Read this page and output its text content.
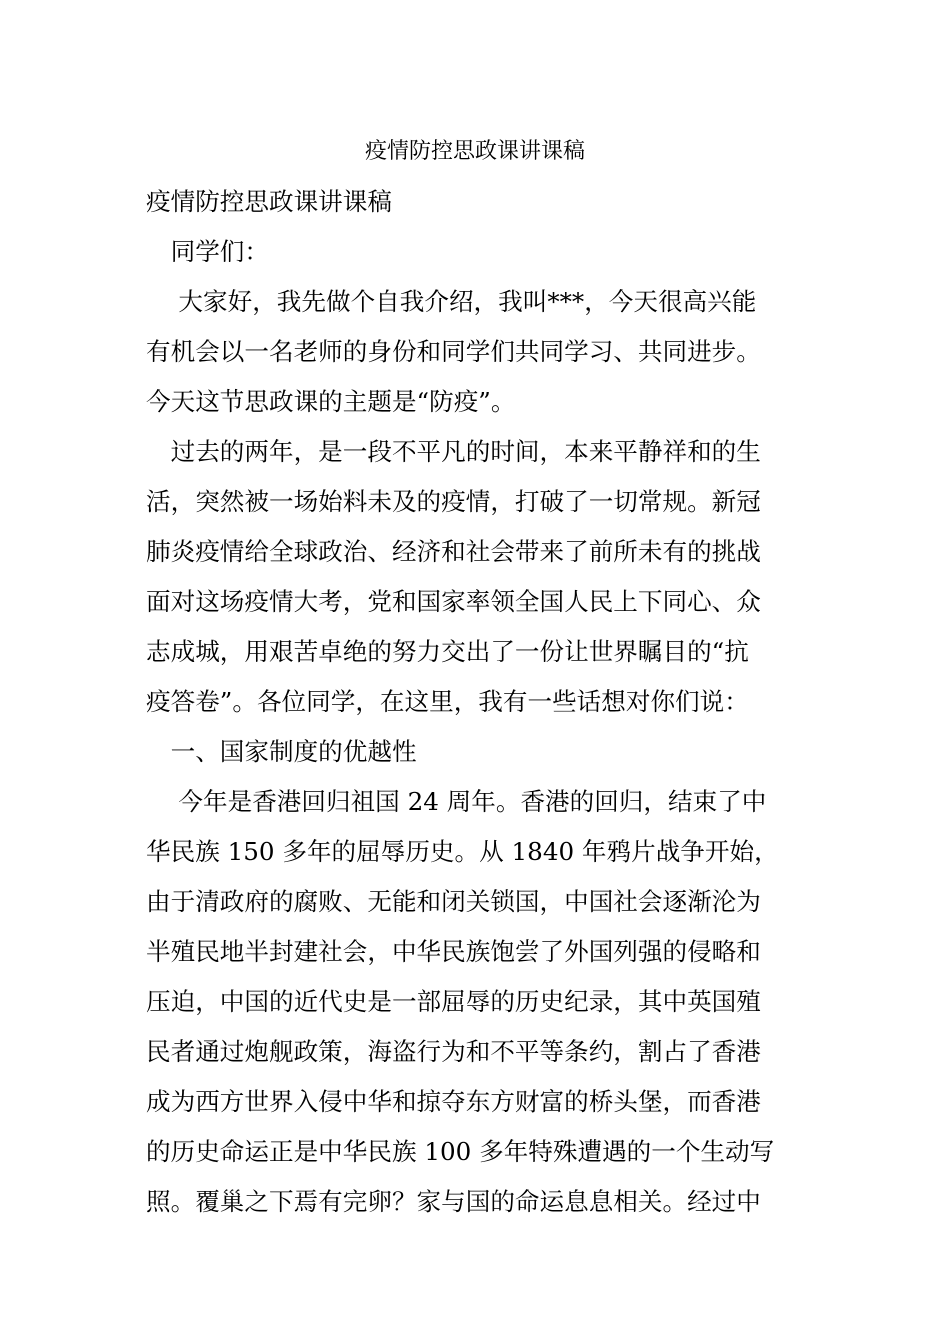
疫情防控思政课讲课稿
疫情防控思政课讲课稿
　同学们：
　 大家好，我先做个自我介绍，我叫***，今天很高兴能
有机会以一名老师的身份和同学们共同学习、共同进步。
今天这节思政课的主题是“防疫”。
　过去的两年，是一段不平凡的时间，本来平静祥和的生
活，突然被一场始料未及的疫情，打破了一切常规。新冠
肺炎疫情给全球政治、经济和社会带来了前所未有的挑战
面对这场疫情大考，党和国家率领全国人民上下同心、众
志成城，用艰苦卓绝的努力交出了一份让世界瞩目的“抗
疫答卷”。各位同学，在这里，我有一些话想对你们说：
　一、国家制度的优越性
　 今年是香港回归祖国 24 周年。香港的回归，结束了中
华民族 150 多年的屈辱历史。从 1840 年鸦片战争开始，
由于清政府的腐败、无能和闭关锁国，中国社会逐渐沦为
半殖民地半封建社会，中华民族饱尝了外国列强的侵略和
压迫，中国的近代史是一部屈辱的历史纪录，其中英国殖
民者通过炮舰政策，海盗行为和不平等条约，割占了香港
成为西方世界入侵中华和掠夺东方财富的桥头堡，而香港
的历史命运正是中华民族 100 多年特殊遭遇的一个生动写
照。覆巢之下焉有完卵？家与国的命运息息相关。经过中
